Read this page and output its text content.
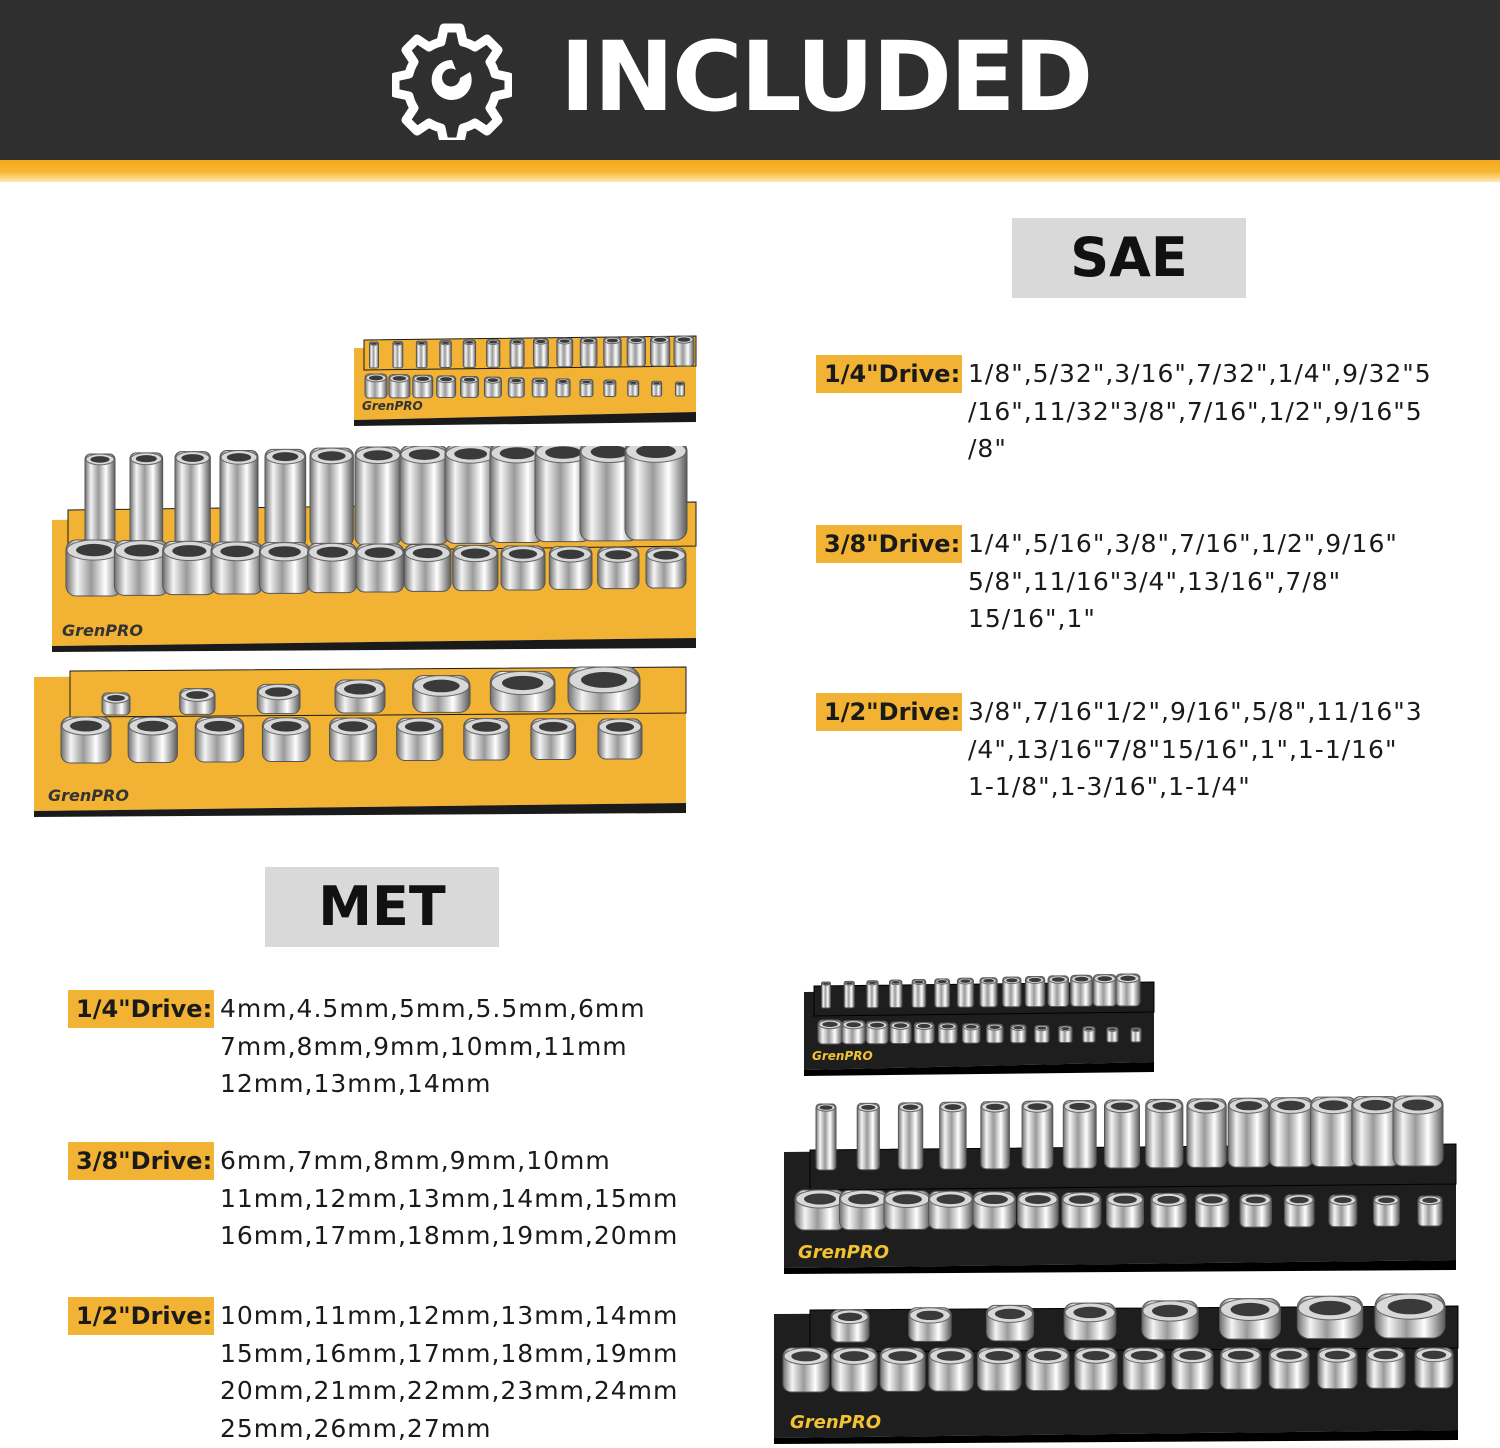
INCLUDED
SAE
1/4"Drive: 1/8",5/32",3/16",7/32",1/4",9/32"5
/16",11/32"3/8",7/16",1/2",9/16"5
/8"
3/8"Drive: 1/4",5/16",3/8",7/16",1/2",9/16"
5/8",11/16"3/4",13/16",7/8"
15/16",1"
1/2"Drive: 3/8",7/16"1/2",9/16",5/8",11/16"3
/4",13/16"7/8"15/16",1",1-1/16"
1-1/8",1-3/16",1-1/4"
MET
1/4"Drive: 4mm,4.5mm,5mm,5.5mm,6mm
7mm,8mm,9mm,10mm,11mm
12mm,13mm,14mm
3/8"Drive: 6mm,7mm,8mm,9mm,10mm
11mm,12mm,13mm,14mm,15mm
16mm,17mm,18mm,19mm,20mm
1/2"Drive: 10mm,11mm,12mm,13mm,14mm
15mm,16mm,17mm,18mm,19mm
20mm,21mm,22mm,23mm,24mm
25mm,26mm,27mm
GrenPRO
GrenPRO
GrenPRO
GrenPRO
GrenPRO
GrenPRO
